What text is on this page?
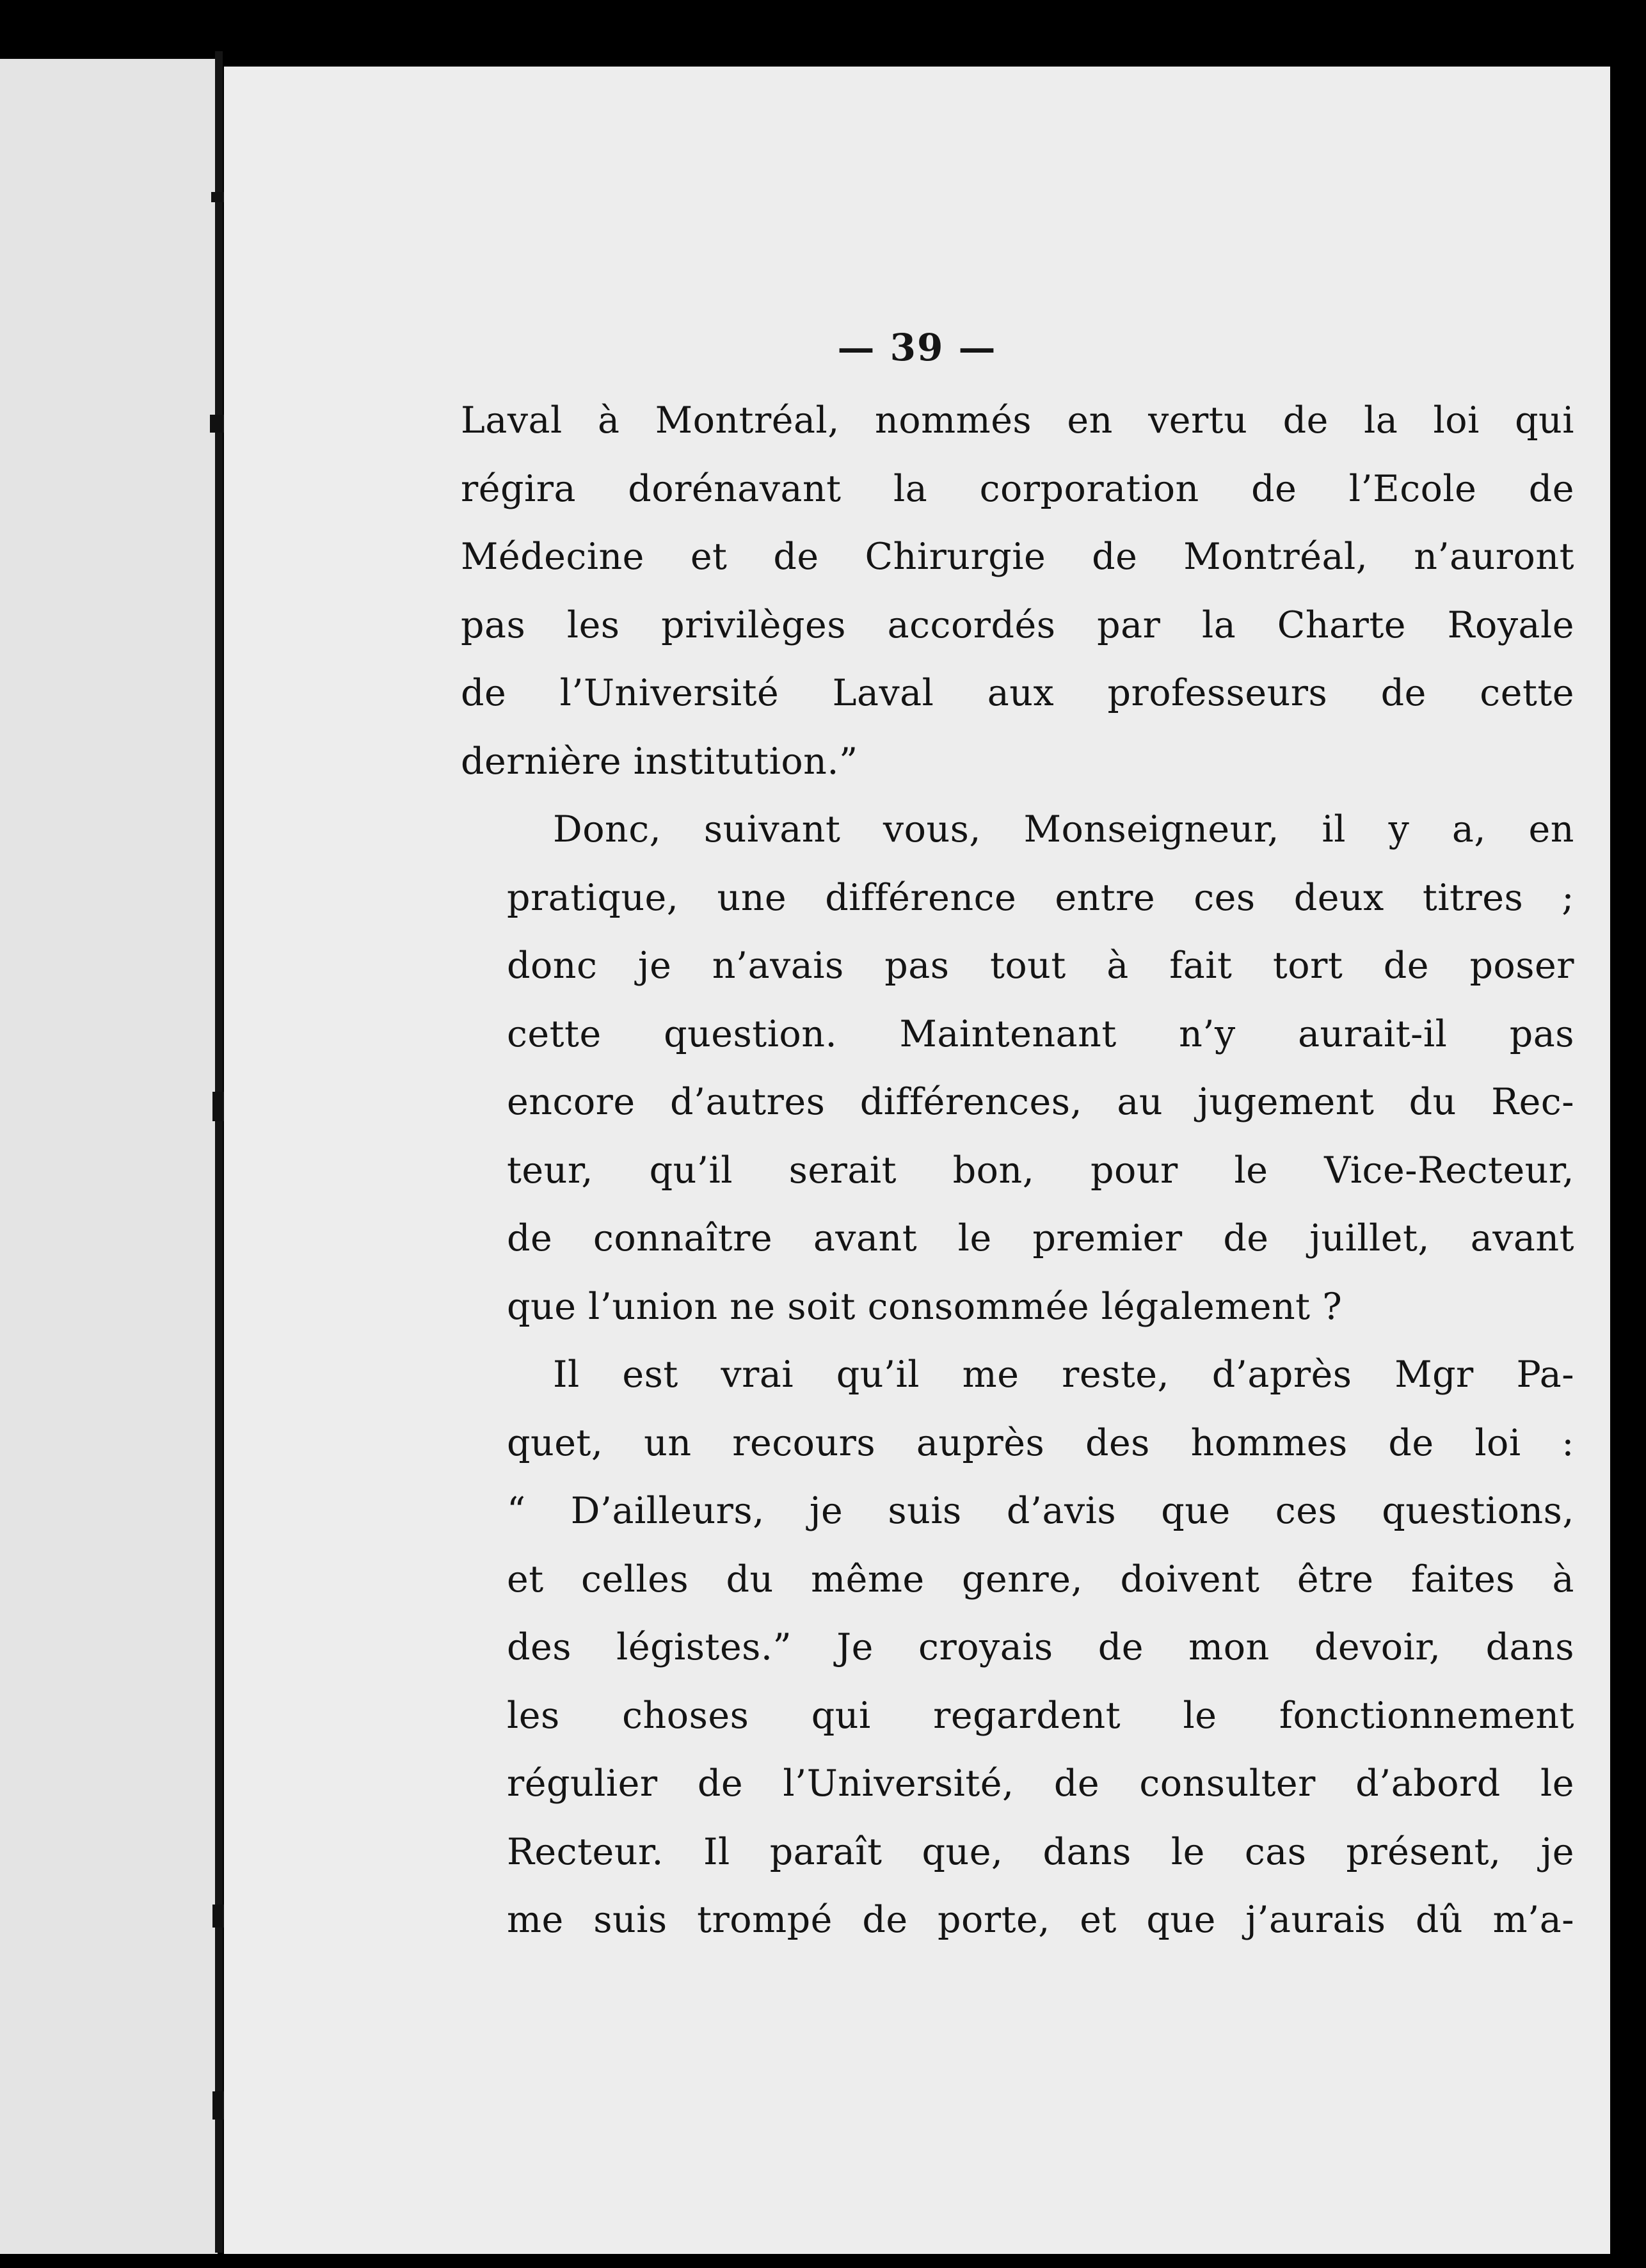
— 39 —

Laval à Montréal, nommés en vertu de la loi qui
régira dorénavant la corporation de l’Ecole de
Médecine et de Chirurgie de Montréal, n’auront
pas les privilèges accordés par la Charte Royale
de l’Université Laval aux professeurs de cette
dernière institution.”

Donc, suivant vous, Monseigneur, il y a, en
pratique, une différence entre ces deux titres ;
donc je n’avais pas tout à fait tort de poser
cette question. Maintenant n’y aurait-il pas
encore d’autres différences, au jugement du Rec-
teur, qu’il serait bon, pour le Vice-Recteur,
de connaître avant le premier de juillet, avant
que l’union ne soit consommée légalement ?

Il est vrai qu’il me reste, d’après Mgr Pa-
quet, un recours auprès des hommes de loi :
“ D’ailleurs, je suis d’avis que ces questions,
et celles du même genre, doivent être faites à
des légistes.” Je croyais de mon devoir, dans
les choses qui regardent le fonctionnement
régulier de l’Université, de consulter d’abord le
Recteur. Il paraît que, dans le cas présent, je
me suis trompé de porte, et que j’aurais dû m’a-
